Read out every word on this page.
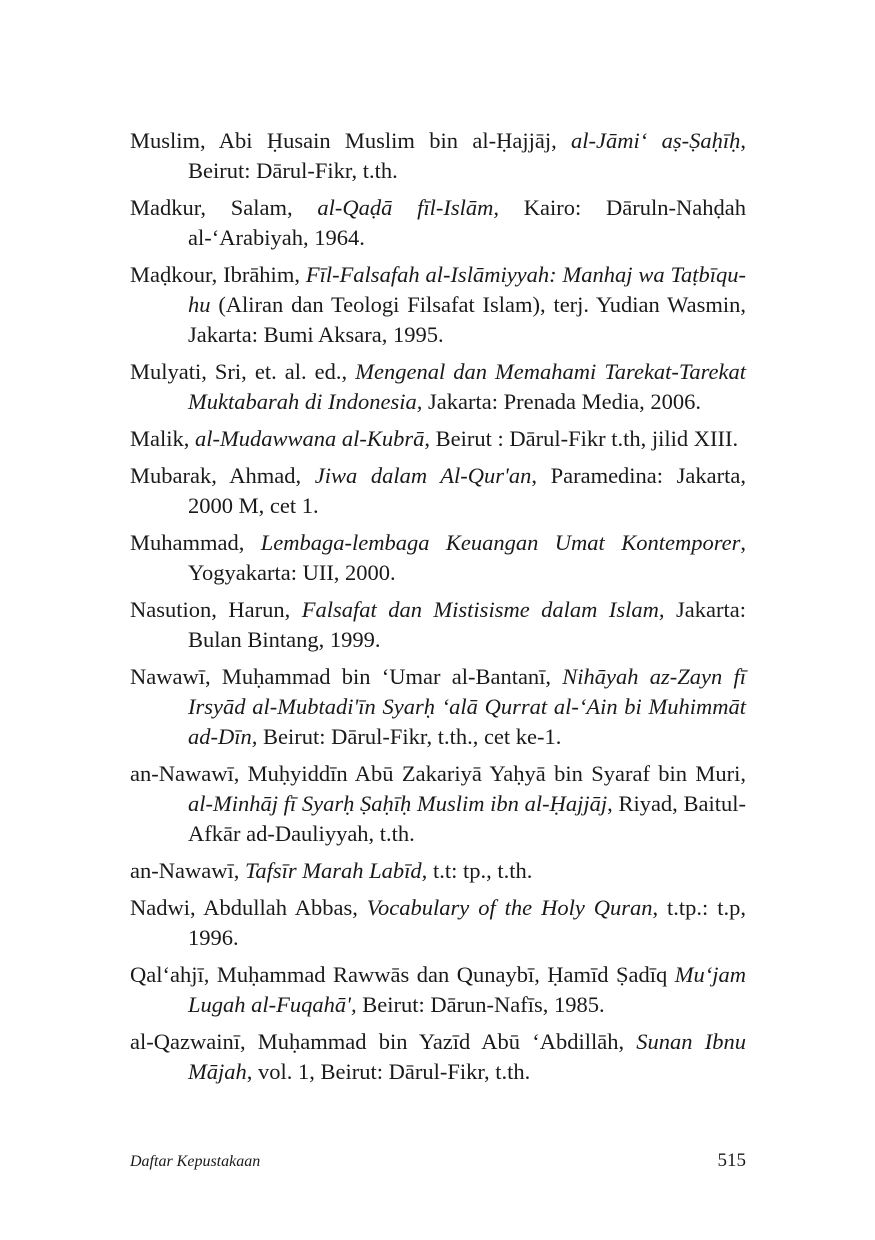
Muslim, Abi Ḥusain Muslim bin al-Ḥajjāj, al-Jāmi‘ aṣ-Ṣaḥīḥ, Beirut: Dārul-Fikr, t.th.

Madkur, Salam, al-Qaḍā fīl-Islām, Kairo: Dāruln-Nahḍah al-‘Arabiyah, 1964.

Maḍkour, Ibrāhim, Fīl-Falsafah al-Islāmiyyah: Manhaj wa Taṭbīqu-hu (Aliran dan Teologi Filsafat Islam), terj. Yudian Wasmin, Jakarta: Bumi Aksara, 1995.

Mulyati, Sri, et. al. ed., Mengenal dan Memahami Tarekat-Tarekat Muktabarah di Indonesia, Jakarta: Prenada Media, 2006.

Malik, al-Mudawwana al-Kubrā, Beirut : Dārul-Fikr t.th, jilid XIII.

Mubarak, Ahmad, Jiwa dalam Al-Qur'an, Paramedina: Jakarta, 2000 M, cet 1.

Muhammad, Lembaga-lembaga Keuangan Umat Kontemporer, Yogyakarta: UII, 2000.

Nasution, Harun, Falsafat dan Mistisisme dalam Islam, Jakarta: Bulan Bintang, 1999.

Nawawī, Muḥammad bin ‘Umar al-Bantanī, Nihāyah az-Zayn fī Irsyād al-Mubtadi'īn Syarḥ ‘alā Qurrat al-‘Ain bi Muhimmāt ad-Dīn, Beirut: Dārul-Fikr, t.th., cet ke-1.

an-Nawawī, Muḥyiddīn Abū Zakariyā Yaḥyā bin Syaraf bin Muri, al-Minhāj fī Syarḥ Ṣaḥīḥ Muslim ibn al-Ḥajjāj, Riyad, Baitul-Afkār ad-Dauliyyah, t.th.

an-Nawawī, Tafsīr Marah Labīd, t.t: tp., t.th.

Nadwi, Abdullah Abbas, Vocabulary of the Holy Quran, t.tp.: t.p, 1996.

Qal‘ahjī, Muḥammad Rawwās dan Qunaybī, Ḥamīd Ṣadīq Mu‘jam Lugah al-Fuqahā', Beirut: Dārun-Nafīs, 1985.

al-Qazwainī, Muḥammad bin Yazīd Abū ‘Abdillāh, Sunan Ibnu Mājah, vol. 1, Beirut: Dārul-Fikr, t.th.

Daftar Kepustakaan	515
